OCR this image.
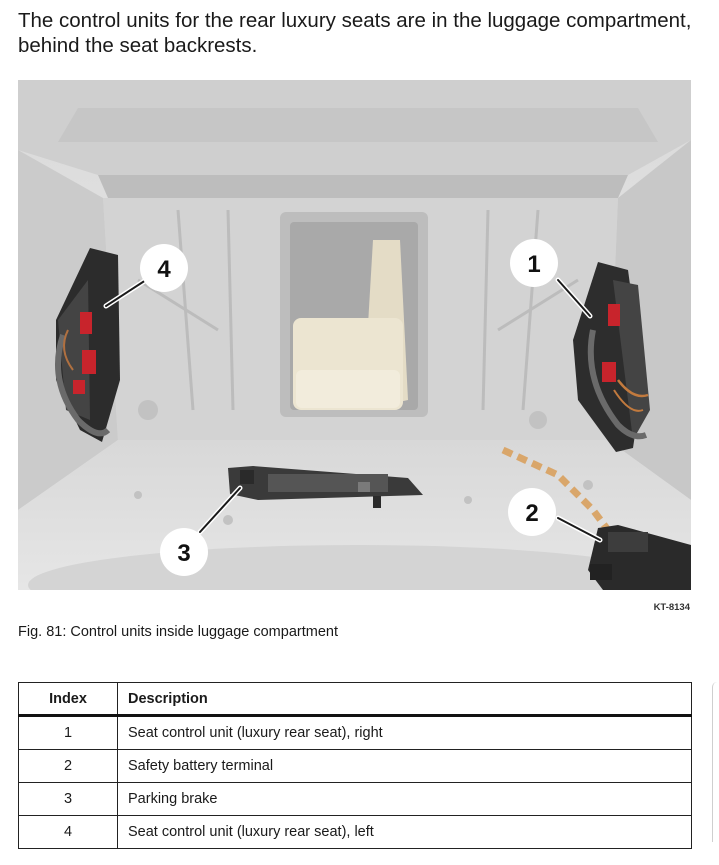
The control units for the rear luxury seats are in the luggage compartment, behind the seat backrests.

4	1
3
2
KT-8134

Fig. 81: Control units inside luggage compartment

Index	Description
1	Seat control unit (luxury rear seat), right
2	Safety battery terminal
3	Parking brake
4	Seat control unit (luxury rear seat), left
